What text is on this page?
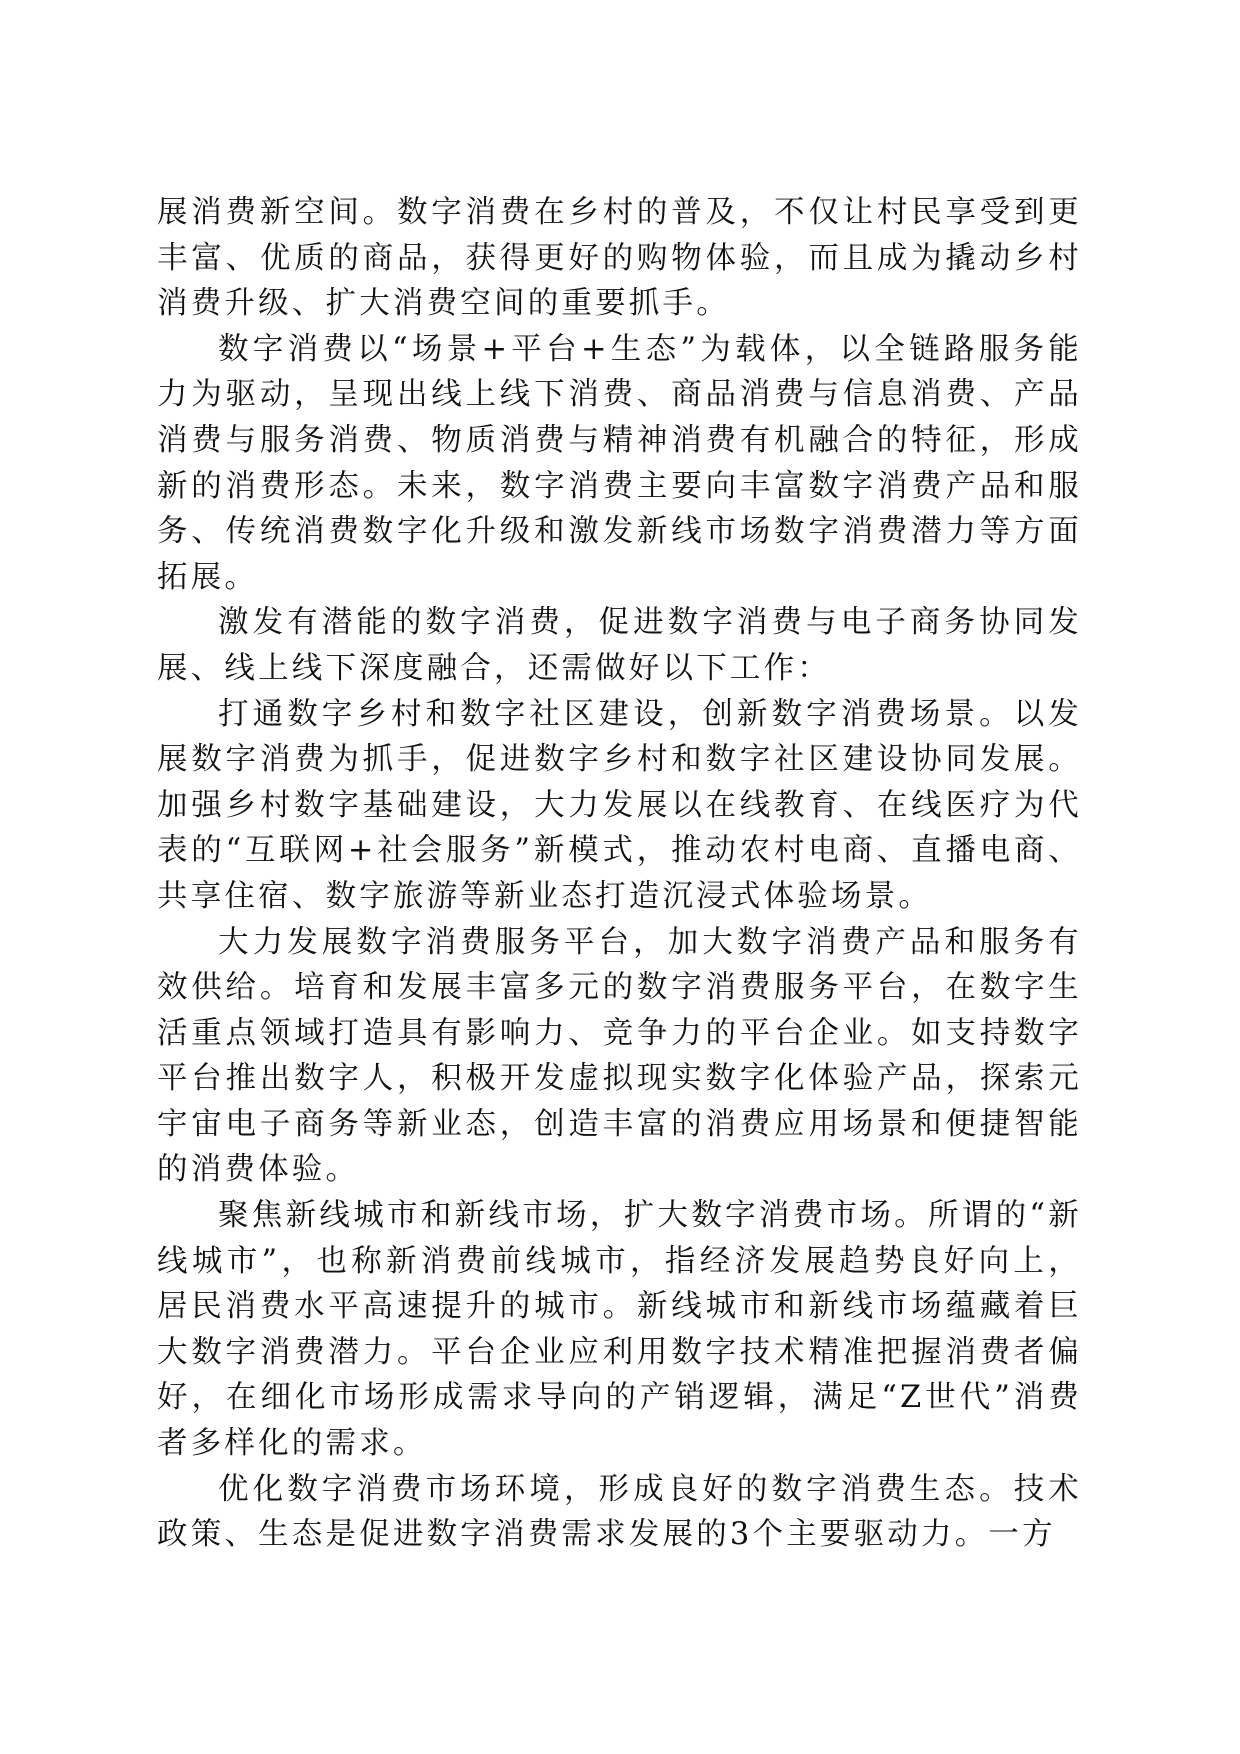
展消费新空间。数字消费在乡村的普及，不仅让村民享受到更丰富、优质的商品，获得更好的购物体验，而且成为撬动乡村消费升级、扩大消费空间的重要抓手。

数字消费以“场景+平台+生态”为载体，以全链路服务能力为驱动，呈现出线上线下消费、商品消费与信息消费、产品消费与服务消费、物质消费与精神消费有机融合的特征，形成新的消费形态。未来，数字消费主要向丰富数字消费产品和服务、传统消费数字化升级和激发新线市场数字消费潜力等方面拓展。

激发有潜能的数字消费，促进数字消费与电子商务协同发展、线上线下深度融合，还需做好以下工作：

打通数字乡村和数字社区建设，创新数字消费场景。以发展数字消费为抓手，促进数字乡村和数字社区建设协同发展。加强乡村数字基础建设，大力发展以在线教育、在线医疗为代表的“互联网+社会服务”新模式，推动农村电商、直播电商、共享住宿、数字旅游等新业态打造沉浸式体验场景。

大力发展数字消费服务平台，加大数字消费产品和服务有效供给。培育和发展丰富多元的数字消费服务平台，在数字生活重点领域打造具有影响力、竞争力的平台企业。如支持数字平台推出数字人，积极开发虚拟现实数字化体验产品，探索元宇宙电子商务等新业态，创造丰富的消费应用场景和便捷智能的消费体验。

聚焦新线城市和新线市场，扩大数字消费市场。所谓的“新线城市”，也称新消费前线城市，指经济发展趋势良好向上，居民消费水平高速提升的城市。新线城市和新线市场蕴藏着巨大数字消费潜力。平台企业应利用数字技术精准把握消费者偏好，在细化市场形成需求导向的产销逻辑，满足“Z世代”消费者多样化的需求。

优化数字消费市场环境，形成良好的数字消费生态。技术政策、生态是促进数字消费需求发展的3个主要驱动力。一方
